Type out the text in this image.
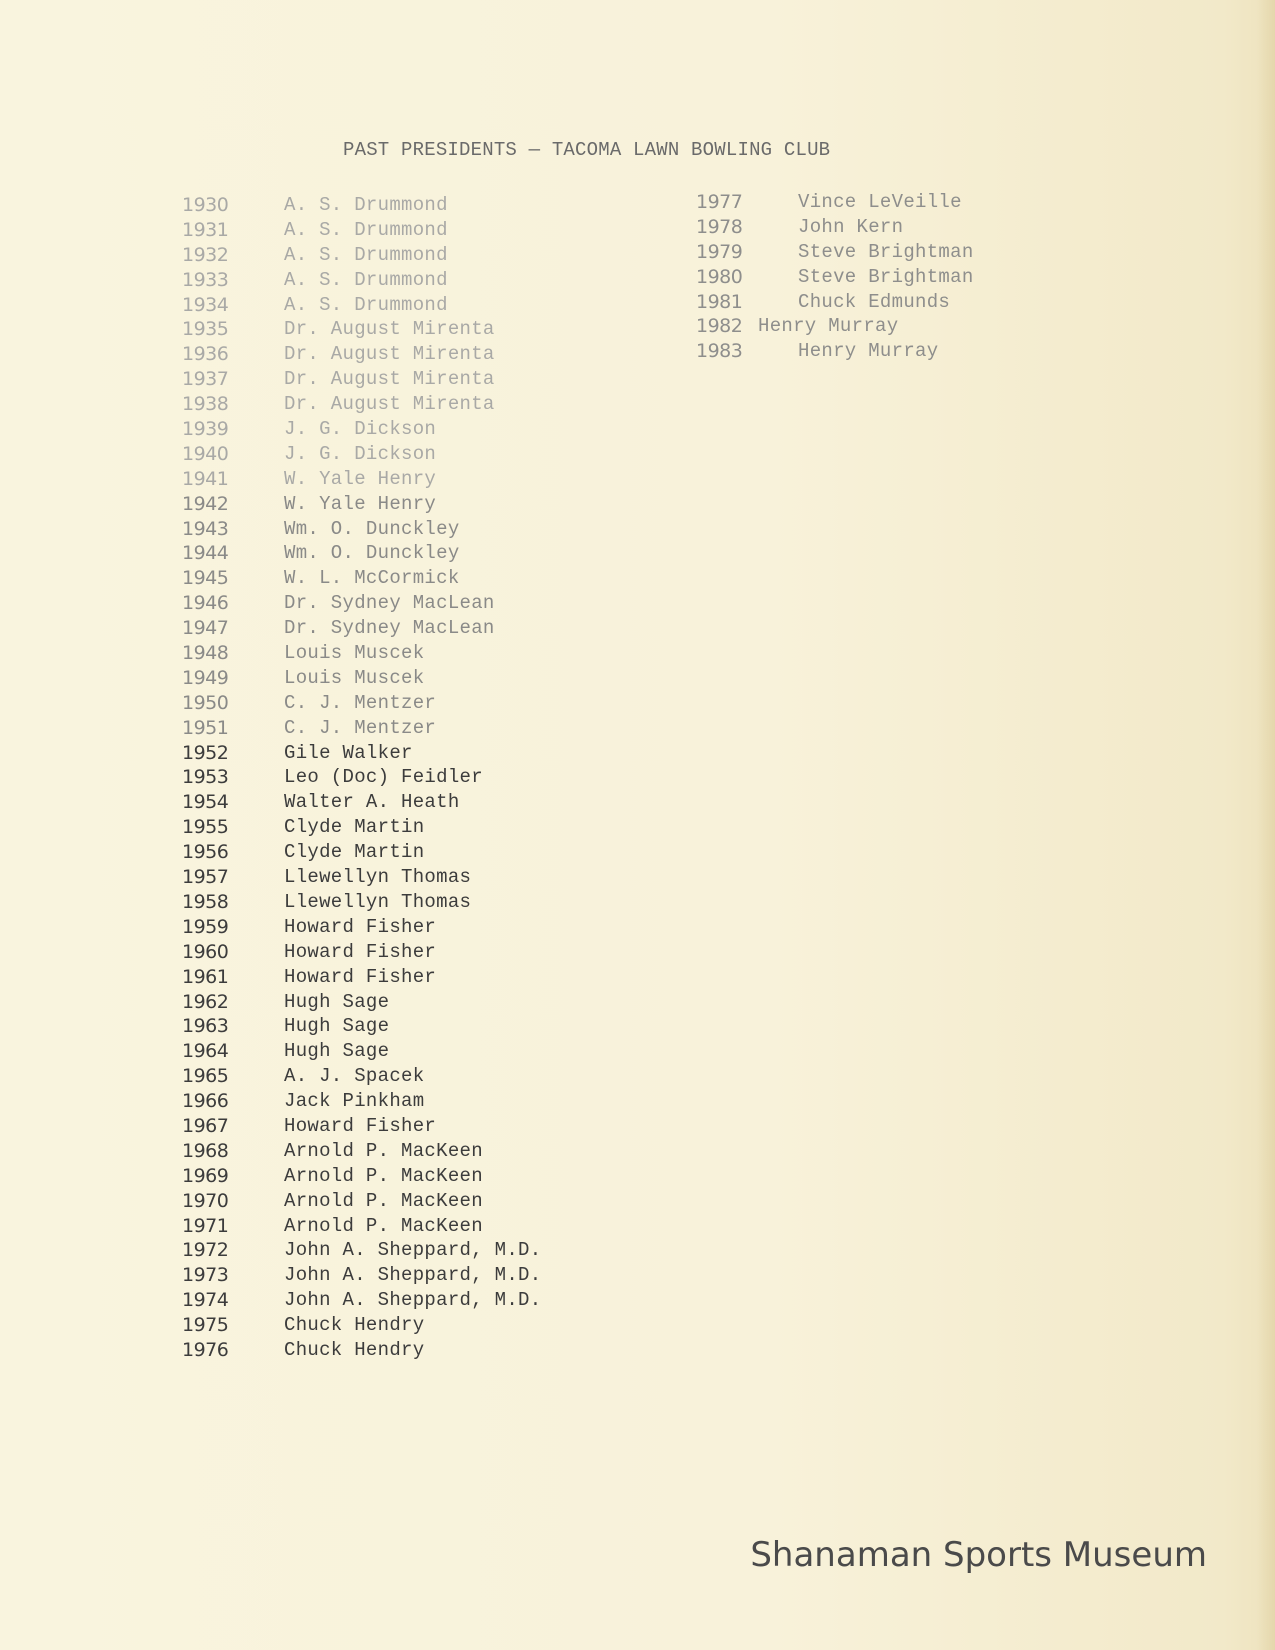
PAST PRESIDENTS — TACOMA LAWN BOWLING CLUB
1930	A. S. Drummond
1931	A. S. Drummond
1932	A. S. Drummond
1933	A. S. Drummond
1934	A. S. Drummond
1935	Dr. August Mirenta
1936	Dr. August Mirenta
1937	Dr. August Mirenta
1938	Dr. August Mirenta
1939	J. G. Dickson
1940	J. G. Dickson
1941	W. Yale Henry
1942	W. Yale Henry
1943	Wm. O. Dunckley
1944	Wm. O. Dunckley
1945	W. L. McCormick
1946	Dr. Sydney MacLean
1947	Dr. Sydney MacLean
1948	Louis Muscek
1949	Louis Muscek
1950	C. J. Mentzer
1951	C. J. Mentzer
1952	Gile Walker
1953	Leo (Doc) Feidler
1954	Walter A. Heath
1955	Clyde Martin
1956	Clyde Martin
1957	Llewellyn Thomas
1958	Llewellyn Thomas
1959	Howard Fisher
1960	Howard Fisher
1961	Howard Fisher
1962	Hugh Sage
1963	Hugh Sage
1964	Hugh Sage
1965	A. J. Spacek
1966	Jack Pinkham
1967	Howard Fisher
1968	Arnold P. MacKeen
1969	Arnold P. MacKeen
1970	Arnold P. MacKeen
1971	Arnold P. MacKeen
1972	John A. Sheppard, M.D.
1973	John A. Sheppard, M.D.
1974	John A. Sheppard, M.D.
1975	Chuck Hendry
1976	Chuck Hendry
1977	Vince LeVeille
1978	John Kern
1979	Steve Brightman
1980	Steve Brightman
1981	Chuck Edmunds
1982 Henry Murray
1983	Henry Murray
Shanaman Sports Museum
